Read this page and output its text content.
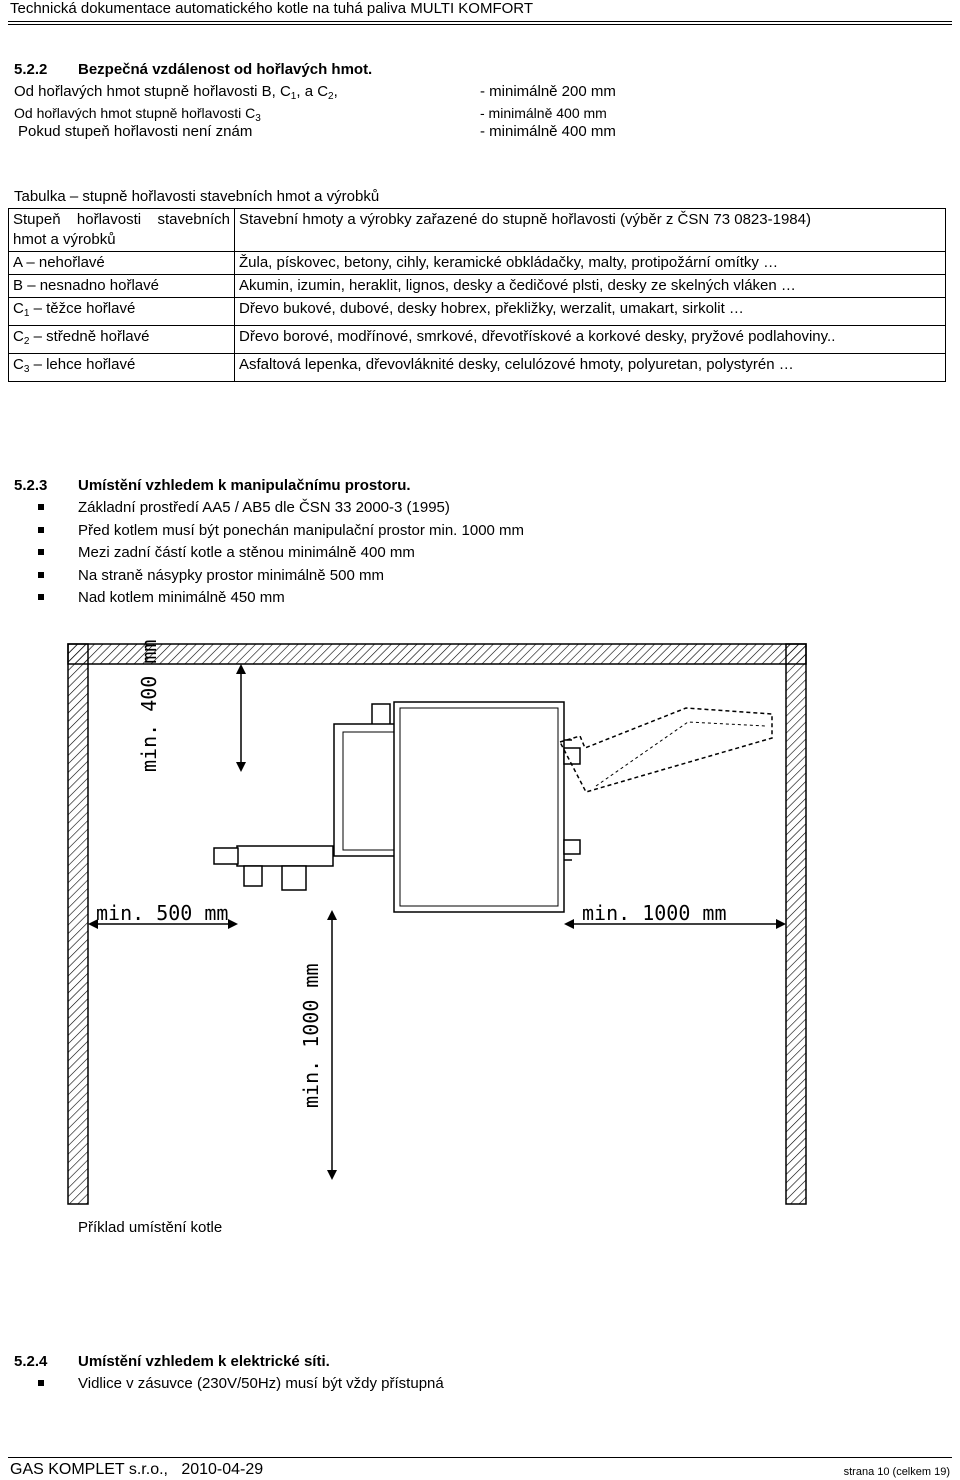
Technická dokumentace automatického kotle na tuhá paliva MULTI KOMFORT
5.2.2 Bezpečná vzdálenost od hořlavých hmot.
Od hořlavých hmot stupně hořlavosti B, $C_1$, a $C_2$,	- minimálně 200 mm
Od hořlavých hmot stupně hořlavosti $C_3$	- minimálně 400 mm
Pokud stupeň hořlavosti není znám	- minimálně 400 mm
Tabulka – stupně hořlavosti stavebních hmot a výrobků
Stupeň hořlavosti stavebních hmot a výrobků	Stavební hmoty a výrobky zařazené do stupně hořlavosti (výběr z ČSN 73 0823-1984)
A – nehořlavé	Žula, pískovec, betony, cihly, keramické obkládačky, malty, protipožární omítky …
B – nesnadno hořlavé	Akumin, izumin, heraklit, lignos, desky a čedičové plsti, desky ze skelných vláken …
$C_1$ – těžce hořlavé	Dřevo bukové, dubové, desky hobrex, překližky, werzalit, umakart, sirkolit …
$C_2$ – středně hořlavé	Dřevo borové, modřínové, smrkové, dřevotřískové a korkové desky, pryžové podlahoviny..
$C_3$ – lehce hořlavé	Asfaltová lepenka, dřevovláknité desky, celulózové hmoty, polyuretan, polystyrén …
5.2.3 Umístění vzhledem k manipulačnímu prostoru.
Základní prostředí AA5 / AB5 dle ČSN 33 2000-3 (1995)
Před kotlem musí být ponechán manipulační prostor min. 1000 mm
Mezi zadní částí kotle a stěnou minimálně 400 mm
Na straně násypky prostor minimálně 500 mm
Nad kotlem minimálně 450 mm
min. 400 mm
min. 500 mm	min. 1000 mm
min. 1000 mm
Příklad umístění kotle
5.2.4 Umístění vzhledem k elektrické síti.
Vidlice v zásuvce (230V/50Hz) musí být vždy přístupná
GAS KOMPLET s.r.o.,   2010-04-29	strana 10 (celkem 19)
